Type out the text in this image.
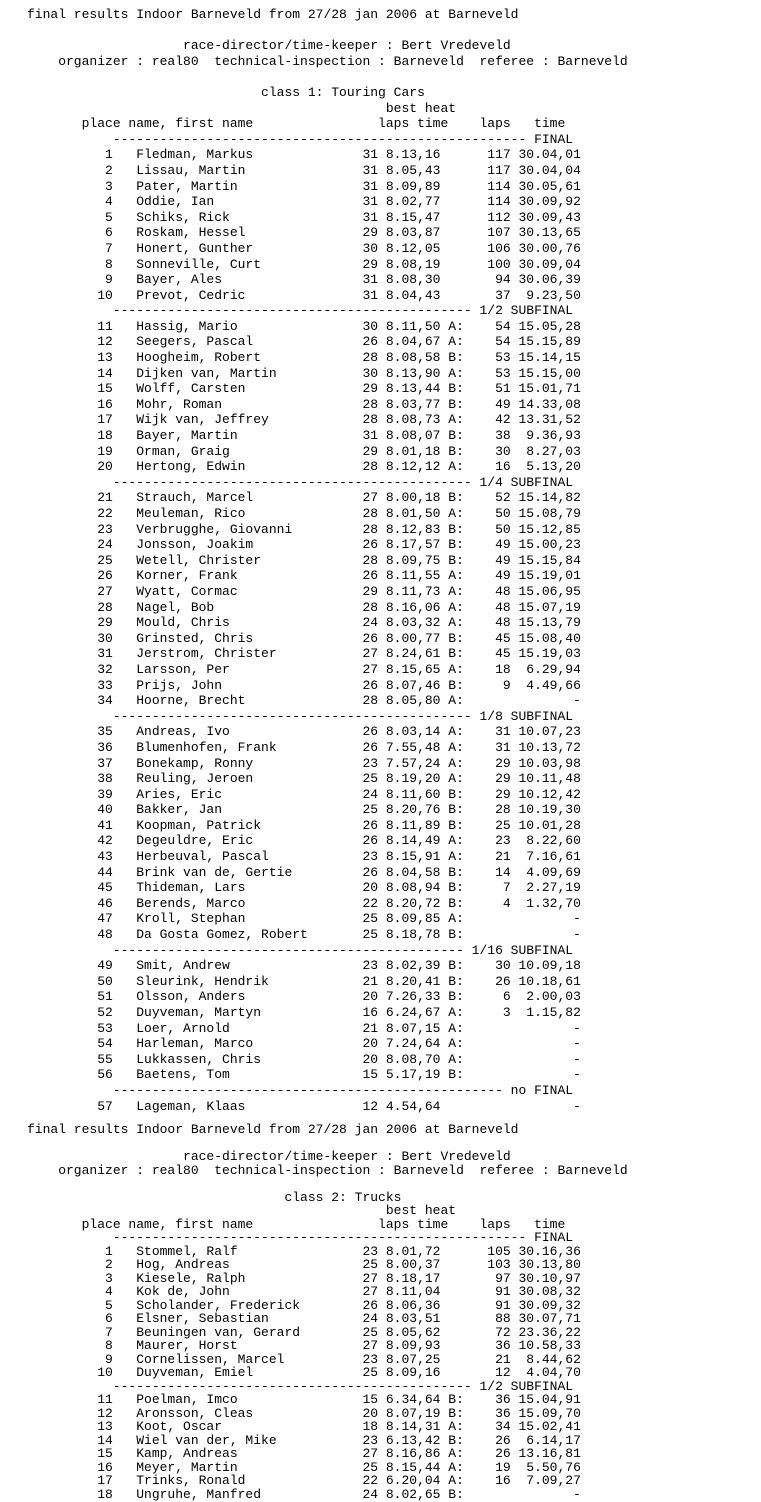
final results Indoor Barneveld from 27/28 jan 2006 at Barneveld

race-director/time-keeper : Bert Vredeveld
organizer : real80  technical-inspection : Barneveld  referee : Barneveld

class 1: Touring Cars
best heat
place name, first name                laps time    laps   time
----------------------------------------------------- FINAL
1   Fledman, Markus              31 8.13,16      117 30.04,01
2   Lissau, Martin               31 8.05,43      117 30.04,04
3   Pater, Martin                31 8.09,89      114 30.05,61
4   Oddie, Ian                   31 8.02,77      114 30.09,92
5   Schiks, Rick                 31 8.15,47      112 30.09,43
6   Roskam, Hessel               29 8.03,87      107 30.13,65
7   Honert, Gunther              30 8.12,05      106 30.00,76
8   Sonneville, Curt             29 8.08,19      100 30.09,04
9   Bayer, Ales                  31 8.08,30       94 30.06,39
10   Prevot, Cedric               31 8.04,43       37  9.23,50
---------------------------------------------- 1/2 SUBFINAL
11   Hassig, Mario                30 8.11,50 A:    54 15.05,28
12   Seegers, Pascal              26 8.04,67 A:    54 15.15,89
13   Hoogheim, Robert             28 8.08,58 B:    53 15.14,15
14   Dijken van, Martin           30 8.13,90 A:    53 15.15,00
15   Wolff, Carsten               29 8.13,44 B:    51 15.01,71
16   Mohr, Roman                  28 8.03,77 B:    49 14.33,08
17   Wijk van, Jeffrey            28 8.08,73 A:    42 13.31,52
18   Bayer, Martin                31 8.08,07 B:    38  9.36,93
19   Orman, Graig                 29 8.01,18 B:    30  8.27,03
20   Hertong, Edwin               28 8.12,12 A:    16  5.13,20
---------------------------------------------- 1/4 SUBFINAL
21   Strauch, Marcel              27 8.00,18 B:    52 15.14,82
22   Meuleman, Rico               28 8.01,50 A:    50 15.08,79
23   Verbrugghe, Giovanni         28 8.12,83 B:    50 15.12,85
24   Jonsson, Joakim              26 8.17,57 B:    49 15.00,23
25   Wetell, Christer             28 8.09,75 B:    49 15.15,84
26   Korner, Frank                26 8.11,55 A:    49 15.19,01
27   Wyatt, Cormac                29 8.11,73 A:    48 15.06,95
28   Nagel, Bob                   28 8.16,06 A:    48 15.07,19
29   Mould, Chris                 24 8.03,32 A:    48 15.13,79
30   Grinsted, Chris              26 8.00,77 B:    45 15.08,40
31   Jerstrom, Christer           27 8.24,61 B:    45 15.19,03
32   Larsson, Per                 27 8.15,65 A:    18  6.29,94
33   Prijs, John                  26 8.07,46 B:     9  4.49,66
34   Hoorne, Brecht               28 8.05,80 A:              -
---------------------------------------------- 1/8 SUBFINAL
35   Andreas, Ivo                 26 8.03,14 A:    31 10.07,23
36   Blumenhofen, Frank           26 7.55,48 A:    31 10.13,72
37   Bonekamp, Ronny              23 7.57,24 A:    29 10.03,98
38   Reuling, Jeroen              25 8.19,20 A:    29 10.11,48
39   Aries, Eric                  24 8.11,60 B:    29 10.12,42
40   Bakker, Jan                  25 8.20,76 B:    28 10.19,30
41   Koopman, Patrick             26 8.11,89 B:    25 10.01,28
42   Degeuldre, Eric              26 8.14,49 A:    23  8.22,60
43   Herbeuval, Pascal            23 8.15,91 A:    21  7.16,61
44   Brink van de, Gertie         26 8.04,58 B:    14  4.09,69
45   Thideman, Lars               20 8.08,94 B:     7  2.27,19
46   Berends, Marco               22 8.20,72 B:     4  1.32,70
47   Kroll, Stephan               25 8.09,85 A:              -
48   Da Gosta Gomez, Robert       25 8.18,78 B:              -
--------------------------------------------- 1/16 SUBFINAL
49   Smit, Andrew                 23 8.02,39 B:    30 10.09,18
50   Sleurink, Hendrik            21 8.20,41 B:    26 10.18,61
51   Olsson, Anders               20 7.26,33 B:     6  2.00,03
52   Duyveman, Martyn             16 6.24,67 A:     3  1.15,82
53   Loer, Arnold                 21 8.07,15 A:              -
54   Harleman, Marco              20 7.24,64 A:              -
55   Lukkassen, Chris             20 8.08,70 A:              -
56   Baetens, Tom                 15 5.17,19 B:              -
-------------------------------------------------- no FINAL
57   Lageman, Klaas               12 4.54,64                 -
final results Indoor Barneveld from 27/28 jan 2006 at Barneveld

race-director/time-keeper : Bert Vredeveld
organizer : real80  technical-inspection : Barneveld  referee : Barneveld

class 2: Trucks
best heat
place name, first name                laps time    laps   time
----------------------------------------------------- FINAL
1   Stommel, Ralf                23 8.01,72      105 30.16,36
2   Hog, Andreas                 25 8.00,37      103 30.13,80
3   Kiesele, Ralph               27 8.18,17       97 30.10,97
4   Kok de, John                 27 8.11,04       91 30.08,32
5   Scholander, Frederick        26 8.06,36       91 30.09,32
6   Elsner, Sebastian            24 8.03,51       88 30.07,71
7   Beuningen van, Gerard        25 8.05,62       72 23.36,22
8   Maurer, Horst                27 8.09,93       36 10.58,33
9   Cornelissen, Marcel          23 8.07,25       21  8.44,62
10   Duyveman, Emiel              25 8.09,16       12  4.04,70
---------------------------------------------- 1/2 SUBFINAL
11   Poelman, Imco                15 6.34,64 B:    36 15.04,91
12   Aronsson, Cleas              20 8.07,19 B:    36 15.09,70
13   Koot, Oscar                  18 8.14,31 A:    34 15.02,41
14   Wiel van der, Mike           23 6.13,42 B:    26  6.14,17
15   Kamp, Andreas                27 8.16,86 A:    26 13.16,81
16   Meyer, Martin                25 8.15,44 A:    19  5.50,76
17   Trinks, Ronald               22 6.20,04 A:    16  7.09,27
18   Ungruhe, Manfred             24 8.02,65 B:              -
